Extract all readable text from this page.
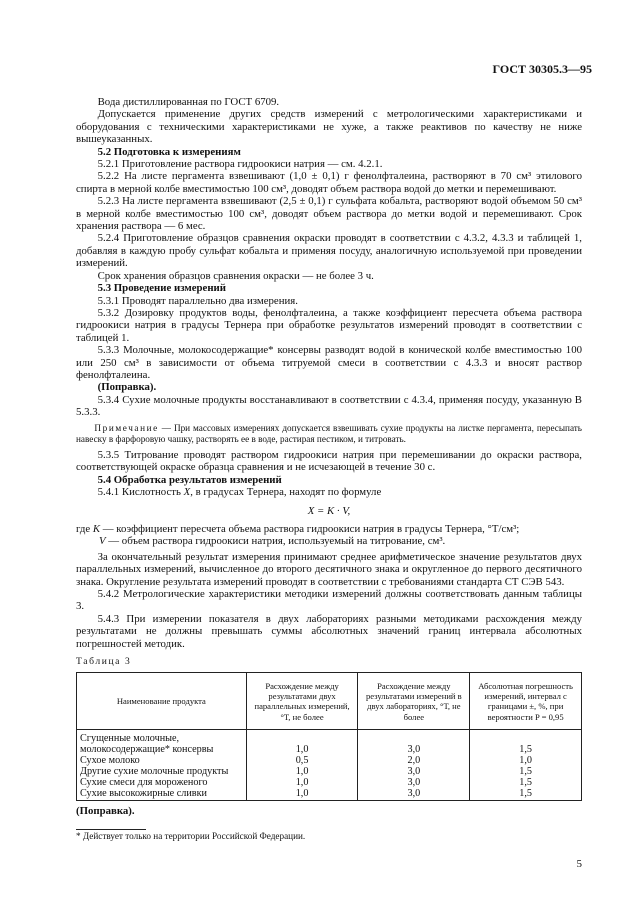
ГОСТ 30305.3—95

Вода дистиллированная по ГОСТ 6709.

Допускается применение других средств измерений с метрологическими характеристиками и оборудования с техническими характеристиками не хуже, а также реактивов по качеству не ниже вышеуказанных.

5.2 Подготовка к измерениям

5.2.1 Приготовление раствора гидроокиси натрия — см. 4.2.1.

5.2.2 На листе пергамента взвешивают (1,0 ± 0,1) г фенолфталеина, растворяют в 70 см³ этилового спирта в мерной колбе вместимостью 100 см³, доводят объем раствора водой до метки и перемешивают.

5.2.3 На листе пергамента взвешивают (2,5 ± 0,1) г сульфата кобальта, растворяют водой объемом 50 см³ в мерной колбе вместимостью 100 см³, доводят объем раствора до метки водой и перемешивают. Срок хранения раствора — 6 мес.

5.2.4 Приготовление образцов сравнения окраски проводят в соответствии с 4.3.2, 4.3.3 и таблицей 1, добавляя в каждую пробу сульфат кобальта и применяя посуду, аналогичную используемой при проведении измерений.

Срок хранения образцов сравнения окраски — не более 3 ч.

5.3 Проведение измерений

5.3.1 Проводят параллельно два измерения.

5.3.2 Дозировку продуктов воды, фенолфталеина, а также коэффициент пересчета объема раствора гидроокиси натрия в градусы Тернера при обработке результатов измерений проводят в соответствии с таблицей 1.

5.3.3 Молочные, молокосодержащие* консервы разводят водой в конической колбе вместимостью 100 или 250 см³ в зависимости от объема титруемой смеси в соответствии с 4.3.3 и вносят раствор фенолфталеина.

(Поправка).

5.3.4 Сухие молочные продукты восстанавливают в соответствии с 4.3.4, применяя посуду, указанную В 5.3.3.

Примечание — При массовых измерениях допускается взвешивать сухие продукты на листке пергамента, пересыпать навеску в фарфоровую чашку, растворять ее в воде, растирая пестиком, и титровать.

5.3.5 Титрование проводят раствором гидроокиси натрия при перемешивании до окраски раствора, соответствующей окраске образца сравнения и не исчезающей в течение 30 с.

5.4 Обработка результатов измерений

5.4.1 Кислотность X, в градусах Тернера, находят по формуле

X = K · V,

где K — коэффициент пересчета объема раствора гидроокиси натрия в градусы Тернера, °Т/см³;

V — объем раствора гидроокиси натрия, используемый на титрование, см³.

За окончательный результат измерения принимают среднее арифметическое значение результатов двух параллельных измерений, вычисленное до второго десятичного знака и округленное до первого десятичного знака. Округление результата измерений проводят в соответствии с требованиями стандарта СТ СЭВ 543.

5.4.2 Метрологические характеристики методики измерений должны соответствовать данным таблицы 3.

5.4.3 При измерении показателя в двух лабораториях разными методиками расхождения между результатами не должны превышать суммы абсолютных значений границ интервала абсолютных погрешностей методик.

Таблица 3
Наименование продукта	Расхождение между результатами двух параллельных измерений, °Т, не более	Расхождение между результатами измерений в двух лабораториях, °Т, не более	Абсолютная погрешность измерений, интервал с границами ±, %, при вероятности P = 0,95
Сгущенные молочные,			
молокосодержащие* консервы	1,0	3,0	1,5
Сухое молоко	0,5	2,0	1,0
Другие сухие молочные продукты	1,0	3,0	1,5
Сухие смеси для мороженого	1,0	3,0	1,5
Сухие высокожирные сливки	1,0	3,0	1,5

(Поправка).

* Действует только на территории Российской Федерации.

5
